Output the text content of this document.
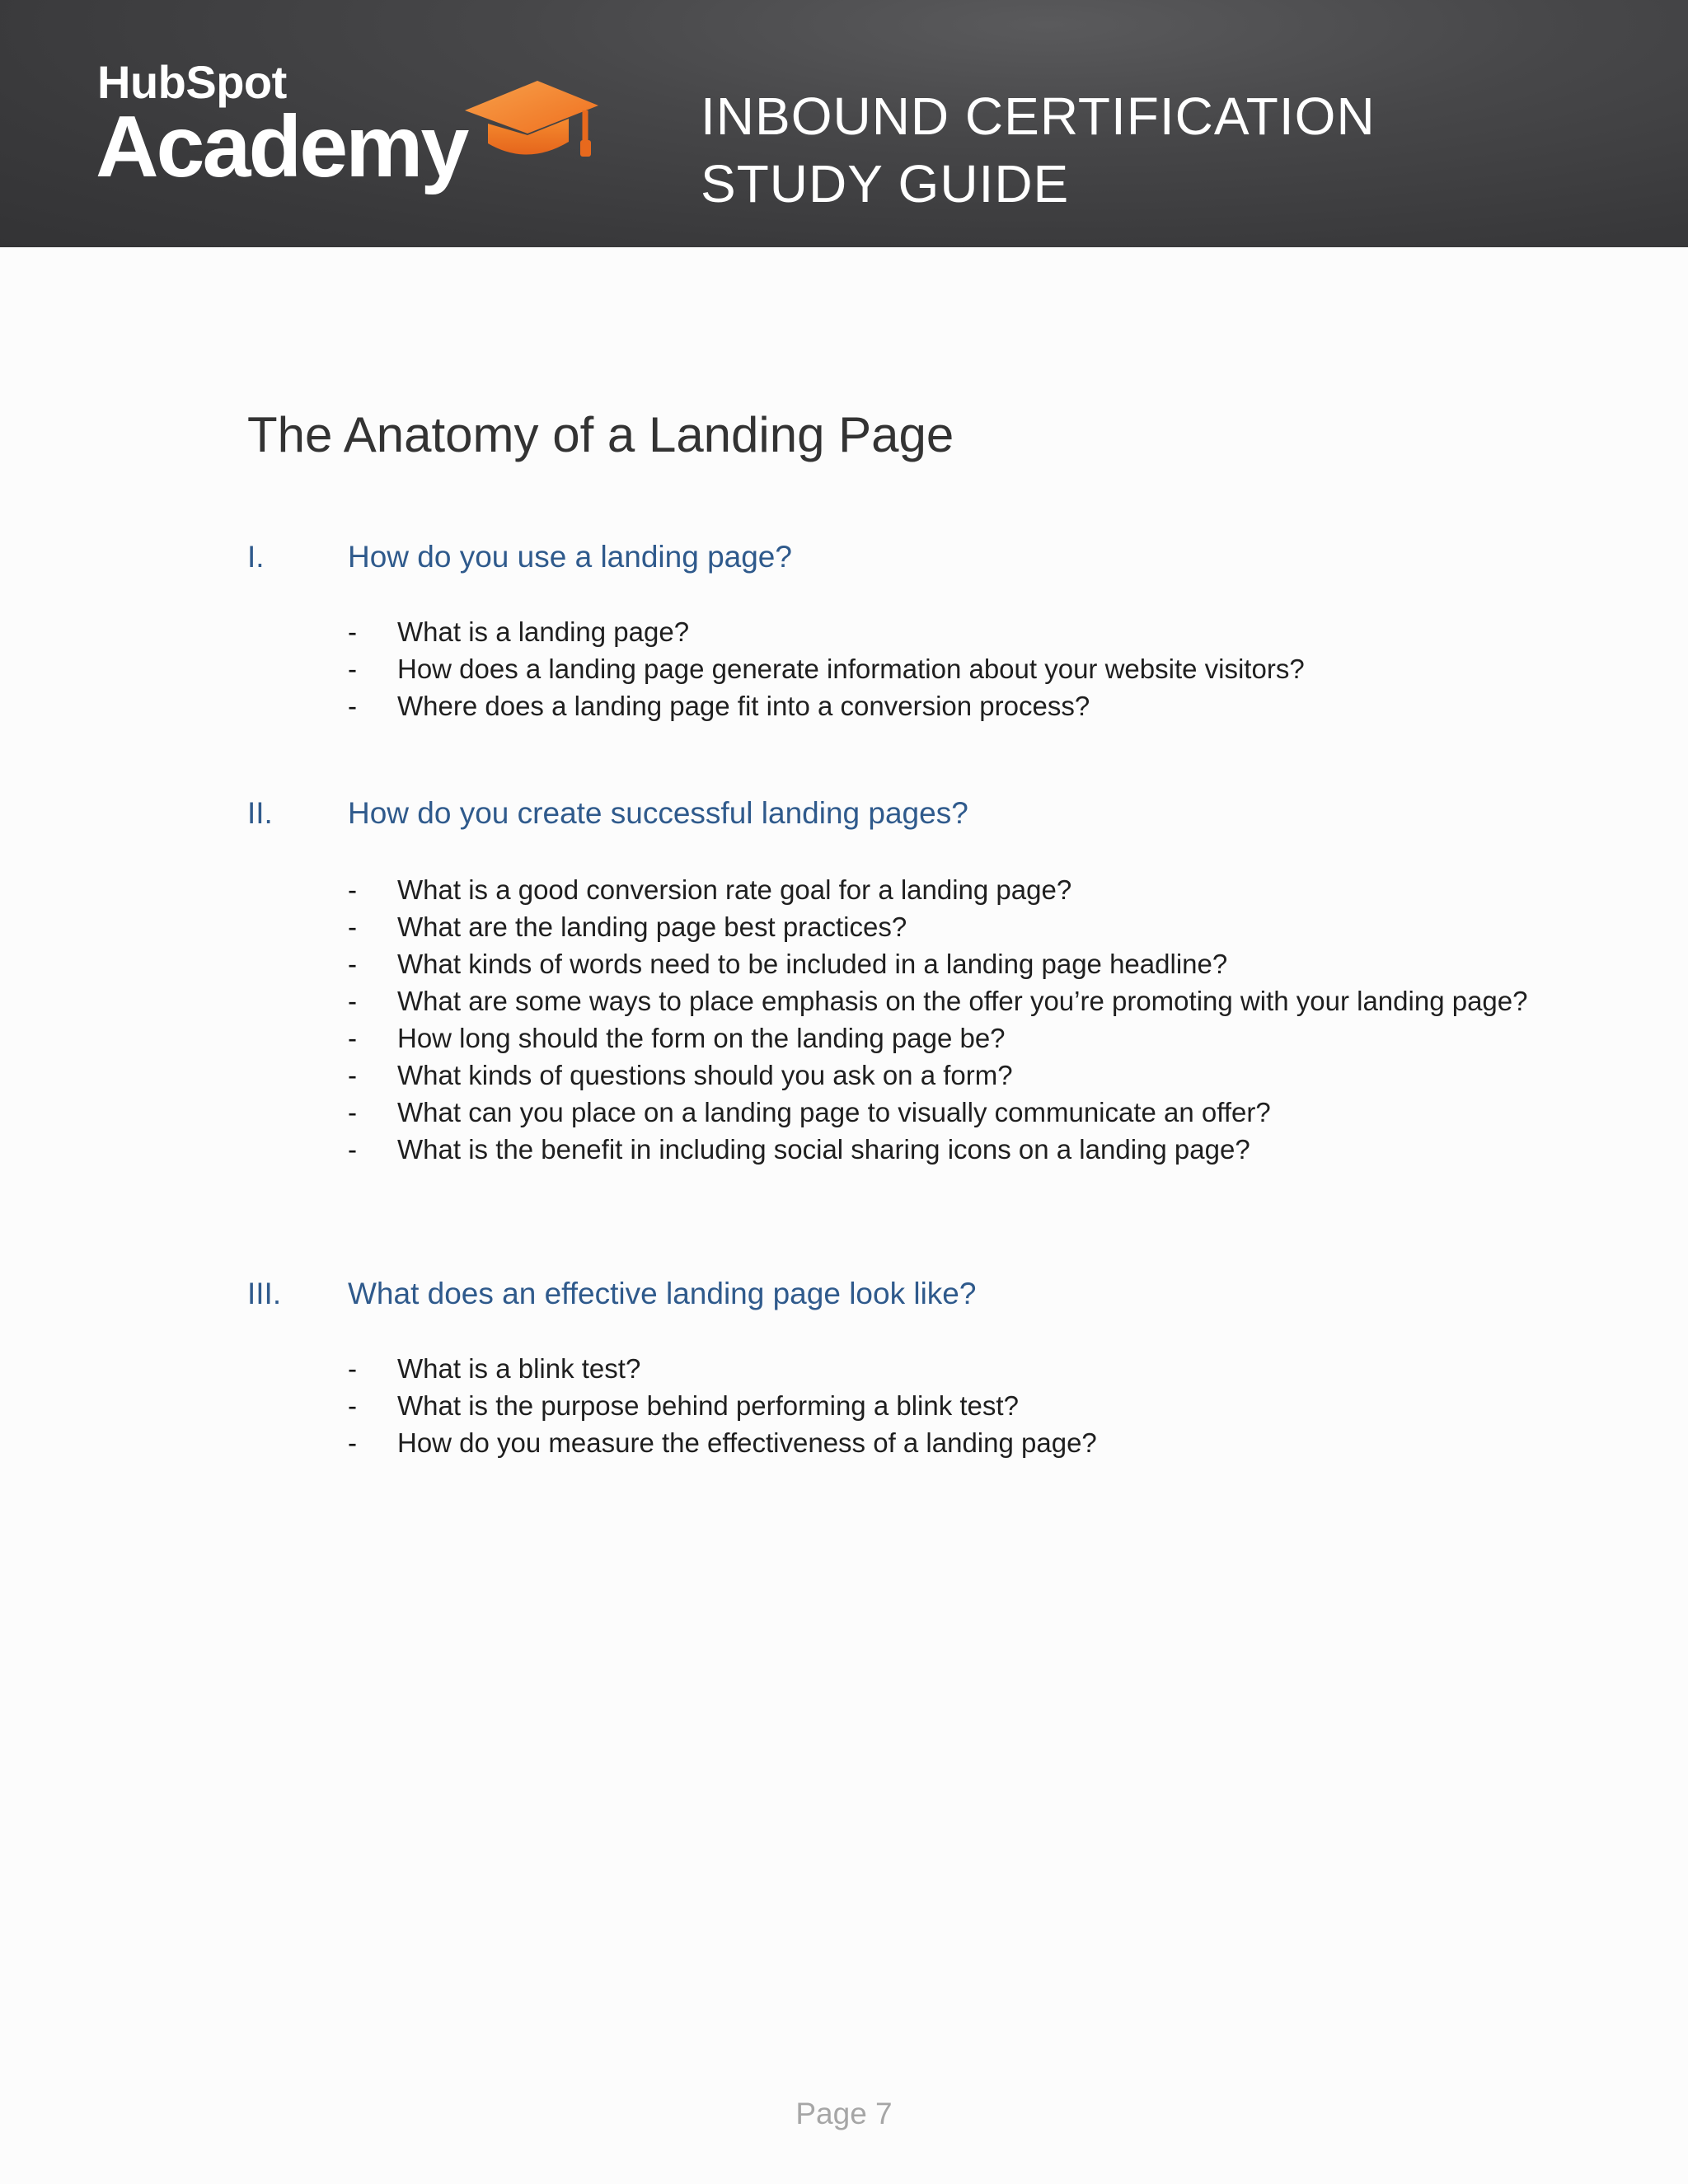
HubSpot
Academy	INBOUND CERTIFICATION
STUDY GUIDE
The Anatomy of a Landing Page
I.	How do you use a landing page?
- What is a landing page?
- How does a landing page generate information about your website visitors?
- Where does a landing page fit into a conversion process?
II. How do you create successful landing pages?
- What is a good conversion rate goal for a landing page?
- What are the landing page best practices?
- What kinds of words need to be included in a landing page headline?
- What are some ways to place emphasis on the offer you’re promoting with your landing page?
- How long should the form on the landing page be?
- What kinds of questions should you ask on a form?
- What can you place on a landing page to visually communicate an offer?
- What is the benefit in including social sharing icons on a landing page?
III. What does an effective landing page look like?
- What is a blink test?
- What is the purpose behind performing a blink test?
- How do you measure the effectiveness of a landing page?
Page 7
